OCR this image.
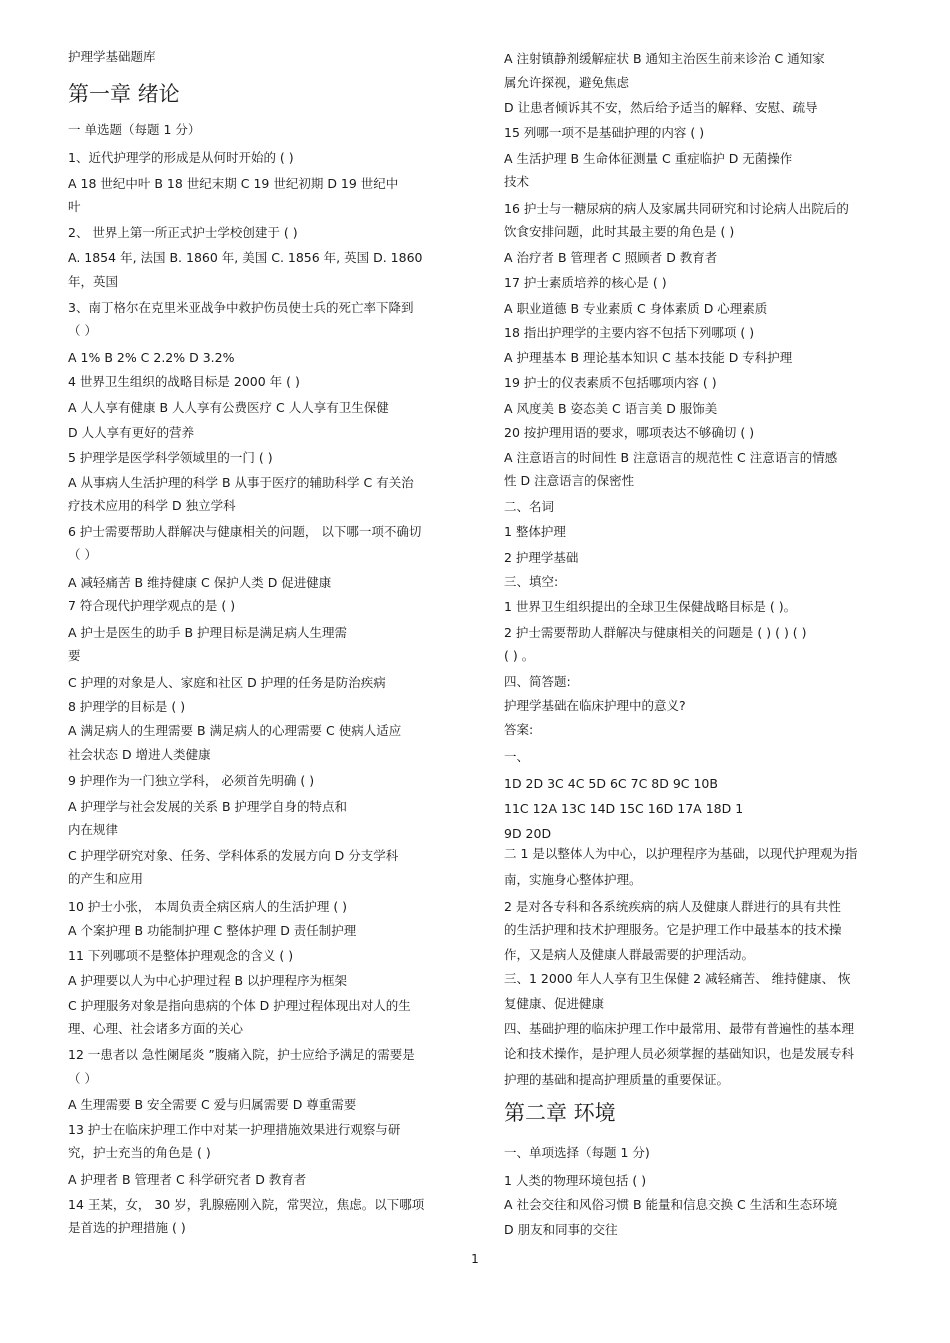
护理学基础题库
第一章 绪论
一 单选题（每题 1 分）
1、近代护理学的形成是从何时开始的 ( )
A 18 世纪中叶 B 18 世纪末期 C 19 世纪初期 D 19 世纪中
叶
2、 世界上第一所正式护士学校创建于 ( )
A. 1854 年, 法国 B. 1860 年, 美国 C. 1856 年, 英国 D. 1860
年，英国
3、南丁格尔在克里米亚战争中救护伤员使士兵的死亡率下降到
（ ）
A 1% B 2% C 2.2% D 3.2%
4 世界卫生组织的战略目标是 2000 年 ( )
A 人人享有健康 B 人人享有公费医疗 C 人人享有卫生保健
D 人人享有更好的营养
5 护理学是医学科学领域里的一门 ( )
A 从事病人生活护理的科学 B 从事于医疗的辅助科学 C 有关治
疗技术应用的科学 D 独立学科
6 护士需要帮助人群解决与健康相关的问题， 以下哪一项不确切
（ ）
A 减轻痛苦 B 维持健康 C 保护人类 D 促进健康
7 符合现代护理学观点的是 ( )
A 护士是医生的助手 B 护理目标是满足病人生理需
要
C 护理的对象是人、家庭和社区 D 护理的任务是防治疾病
8 护理学的目标是 ( )
A 满足病人的生理需要 B 满足病人的心理需要 C 使病人适应
社会状态 D 增进人类健康
9 护理作为一门独立学科， 必须首先明确 ( )
A 护理学与社会发展的关系 B 护理学自身的特点和
内在规律
C 护理学研究对象、任务、学科体系的发展方向 D 分支学科
的产生和应用
10 护士小张， 本周负责全病区病人的生活护理 ( )
A 个案护理 B 功能制护理 C 整体护理 D 责任制护理
11 下列哪项不是整体护理观念的含义 ( )
A 护理要以人为中心护理过程 B 以护理程序为框架
C 护理服务对象是指向患病的个体 D 护理过程体现出对人的生
理、心理、社会诸多方面的关心
12 一患者以 急性阑尾炎 ”腹痛入院，护士应给予满足的需要是
（ ）
A 生理需要 B 安全需要 C 爱与归属需要 D 尊重需要
13 护士在临床护理工作中对某一护理措施效果进行观察与研
究，护士充当的角色是 ( )
A 护理者 B 管理者 C 科学研究者 D 教育者
14 王某，女， 30 岁，乳腺癌刚入院，常哭泣，焦虑。以下哪项
是首选的护理措施 ( )
A 注射镇静剂缓解症状 B 通知主治医生前来诊治 C 通知家
属允许探视，避免焦虑
D 让患者倾诉其不安，然后给予适当的解释、安慰、疏导
15 列哪一项不是基础护理的内容 ( )
A 生活护理 B 生命体征测量 C 重症临护 D 无菌操作
技术
16 护士与一糖尿病的病人及家属共同研究和讨论病人出院后的
饮食安排问题，此时其最主要的角色是 ( )
A 治疗者 B 管理者 C 照顾者 D 教育者
17 护士素质培养的核心是 ( )
A 职业道德 B 专业素质 C 身体素质 D 心理素质
18 指出护理学的主要内容不包括下列哪项 ( )
A 护理基本 B 理论基本知识 C 基本技能 D 专科护理
19 护士的仪表素质不包括哪项内容 ( )
A 风度美 B 姿态美 C 语言美 D 服饰美
20 按护理用语的要求，哪项表达不够确切 ( )
A 注意语言的时间性 B 注意语言的规范性 C 注意语言的情感
性 D 注意语言的保密性
二、名词
1 整体护理
2 护理学基础
三、填空:
1 世界卫生组织提出的全球卫生保健战略目标是 ( )。
2 护士需要帮助人群解决与健康相关的问题是 ( ) ( ) ( )
( ) 。
四、简答题:
护理学基础在临床护理中的意义?
答案:
一、
1D 2D 3C 4C 5D 6C 7C 8D 9C 10B
11C 12A 13C 14D 15C 16D 17A 18D 1
9D 20D
二 1 是以整体人为中心，以护理程序为基础，以现代护理观为指
南，实施身心整体护理。
2 是对各专科和各系统疾病的病人及健康人群进行的具有共性
的生活护理和技术护理服务。它是护理工作中最基本的技术操
作，又是病人及健康人群最需要的护理活动。
三、1 2000 年人人享有卫生保健 2 减轻痛苦、 维持健康、 恢
复健康、促进健康
四、基础护理的临床护理工作中最常用、最带有普遍性的基本理
论和技术操作，是护理人员必须掌握的基础知识，也是发展专科
护理的基础和提高护理质量的重要保证。
第二章 环境
一、单项选择（每题 1 分)
1 人类的物理环境包括 ( )
A 社会交往和风俗习惯 B 能量和信息交换 C 生活和生态环境
D 朋友和同事的交往
1
